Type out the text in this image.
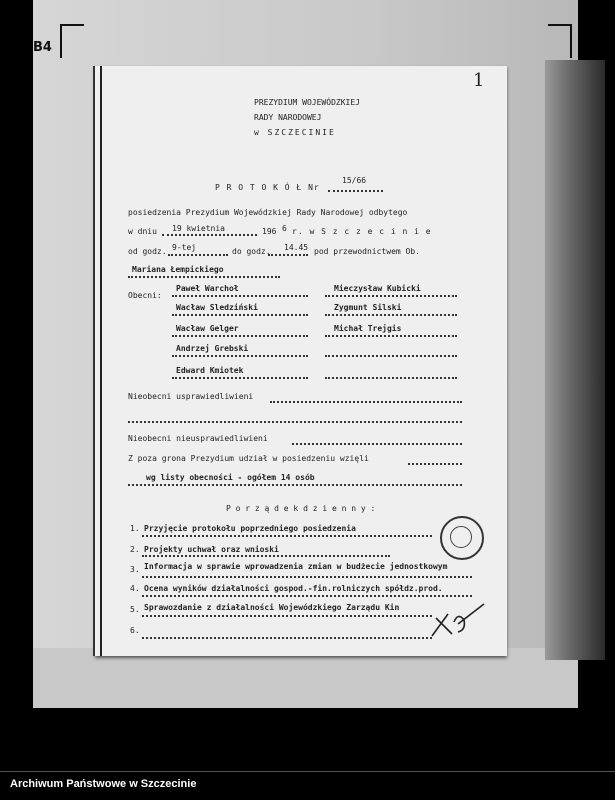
B4
1
PREZYDIUM WOJEWÓDZKIEJ
RADY NARODOWEJ
w SZCZECINIE
P R O T O K Ó Ł Nr
15/66
posiedzenia Prezydium Wojewódzkiej Rady Narodowej odbytego
w dniu 19 kwietnia	196 6 r. w S z c z e c i n i e
od godz. 9-tej	do godz. 14.45 pod przewodnictwem Ob.
Mariana Łempickiego
Obecni:
Paweł Warchoł
Wacław Sledziński
Wacław Gelger
Andrzej Grebski
Edward Kmiotek
Mieczysław Kubicki
Zygmunt Silski
Michał Trejgis
Nieobecni usprawiedliwieni
Nieobecni nieusprawiedliwieni
Z poza grona Prezydium udział w posiedzeniu wzięli
wg listy obecności - ogółem 14 osób
P o r z ą d e k d z i e n n y :
1. Przyjęcie protokołu poprzedniego posiedzenia
2. Projekty uchwał oraz wnioski
3. Informacja w sprawie wprowadzenia zmian w budżecie jednostkowym
4. Ocena wyników działalności gospod.-fin.rolniczych spółdz.prod.
5. Sprawozdanie z działalności Wojewódzkiego Zarządu Kin
6.
Archiwum Państwowe w Szczecinie
